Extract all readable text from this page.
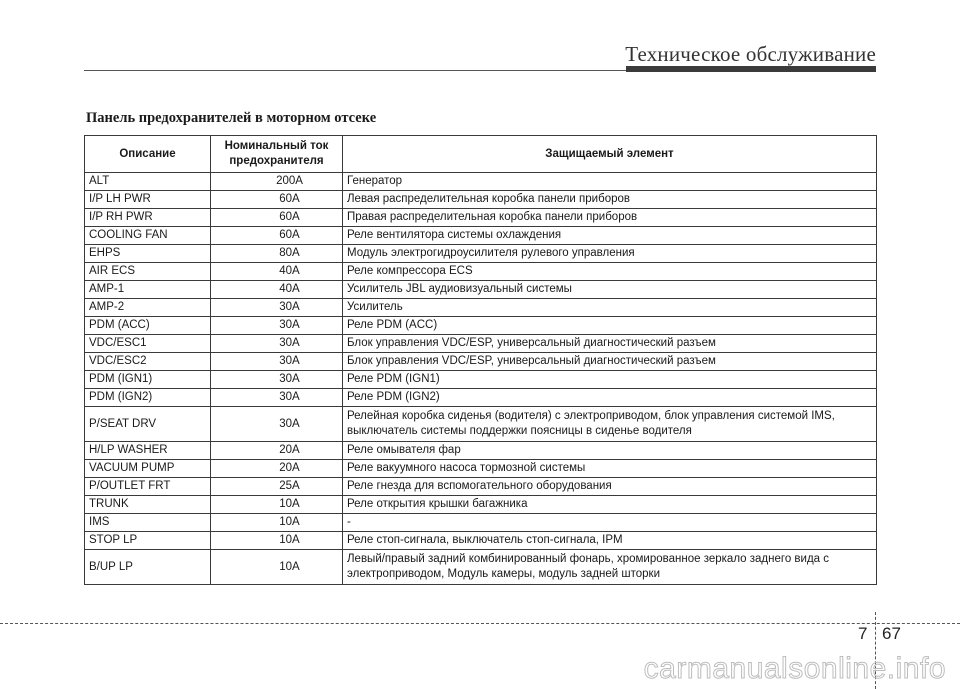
Техническое обслуживание
Панель предохранителей в моторном отсеке
Описание	Номинальный ток предохранителя	Защищаемый элемент
ALT	200A	Генератор
I/P LH PWR	60A	Левая распределительная коробка панели приборов
I/P RH PWR	60A	Правая распределительная коробка панели приборов
COOLING FAN	60A	Реле вентилятора системы охлаждения
EHPS	80A	Модуль электрогидроусилителя рулевого управления
AIR ECS	40A	Реле компрессора ECS
AMP-1	40A	Усилитель JBL аудиовизуальный системы
AMP-2	30A	Усилитель
PDM (ACC)	30A	Реле PDM (ACC)
VDC/ESC1	30A	Блок управления VDC/ESP, универсальный диагностический разъем
VDC/ESC2	30A	Блок управления VDC/ESP, универсальный диагностический разъем
PDM (IGN1)	30A	Реле PDM (IGN1)
PDM (IGN2)	30A	Реле PDM (IGN2)
P/SEAT DRV	30A	Релейная коробка сиденья (водителя) с электроприводом, блок управления системой IMS, выключатель системы поддержки поясницы в сиденье водителя
H/LP WASHER	20A	Реле омывателя фар
VACUUM PUMP	20A	Реле вакуумного насоса тормозной системы
P/OUTLET FRT	25A	Реле гнезда для вспомогательного оборудования
TRUNK	10A	Реле открытия крышки багажника
IMS	10A	-
STOP LP	10A	Реле стоп-сигнала, выключатель стоп-сигнала, IPM
B/UP LP	10A	Левый/правый задний комбинированный фонарь, хромированное зеркало заднего вида с электроприводом, Модуль камеры, модуль задней шторки
7 67
carmanualsonline.info
